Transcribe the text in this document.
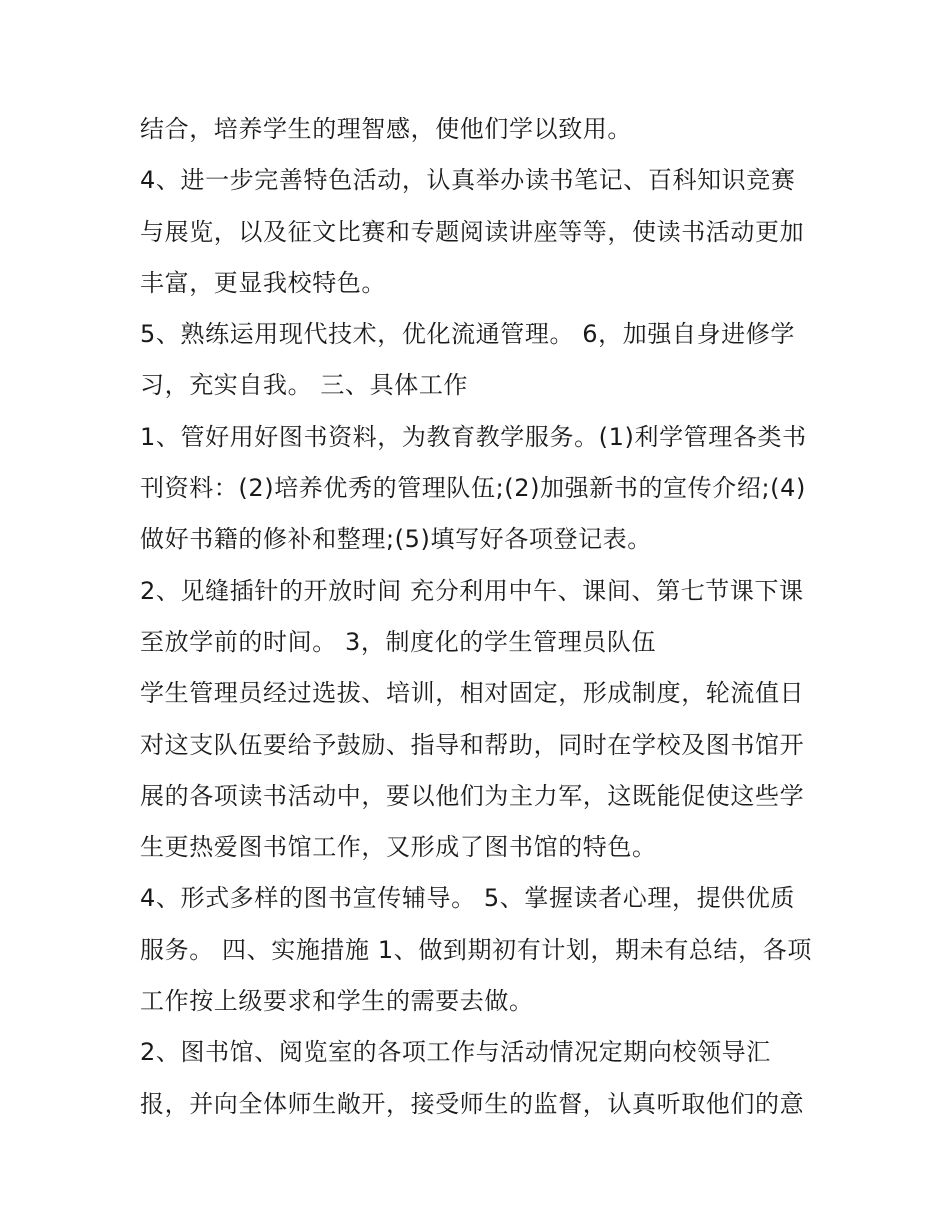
结合，培养学生的理智感，使他们学以致用。
4、进一步完善特色活动，认真举办读书笔记、百科知识竞赛
与展览，以及征文比赛和专题阅读讲座等等，使读书活动更加
丰富，更显我校特色。
5、熟练运用现代技术，优化流通管理。 6，加强自身进修学
习，充实自我。 三、具体工作
1、管好用好图书资料，为教育教学服务。(1)利学管理各类书
刊资料：(2)培养优秀的管理队伍;(2)加强新书的宣传介绍;(4)
做好书籍的修补和整理;(5)填写好各项登记表。
2、见缝插针的开放时间 充分利用中午、课间、第七节课下课
至放学前的时间。 3，制度化的学生管理员队伍
学生管理员经过选拔、培训，相对固定，形成制度，轮流值日
对这支队伍要给予鼓励、指导和帮助，同时在学校及图书馆开
展的各项读书活动中，要以他们为主力军，这既能促使这些学
生更热爱图书馆工作，又形成了图书馆的特色。
4、形式多样的图书宣传辅导。 5、掌握读者心理，提供优质
服务。 四、实施措施 1、做到期初有计划，期未有总结，各项
工作按上级要求和学生的需要去做。
2、图书馆、阅览室的各项工作与活动情况定期向校领导汇
报，并向全体师生敞开，接受师生的监督，认真听取他们的意
